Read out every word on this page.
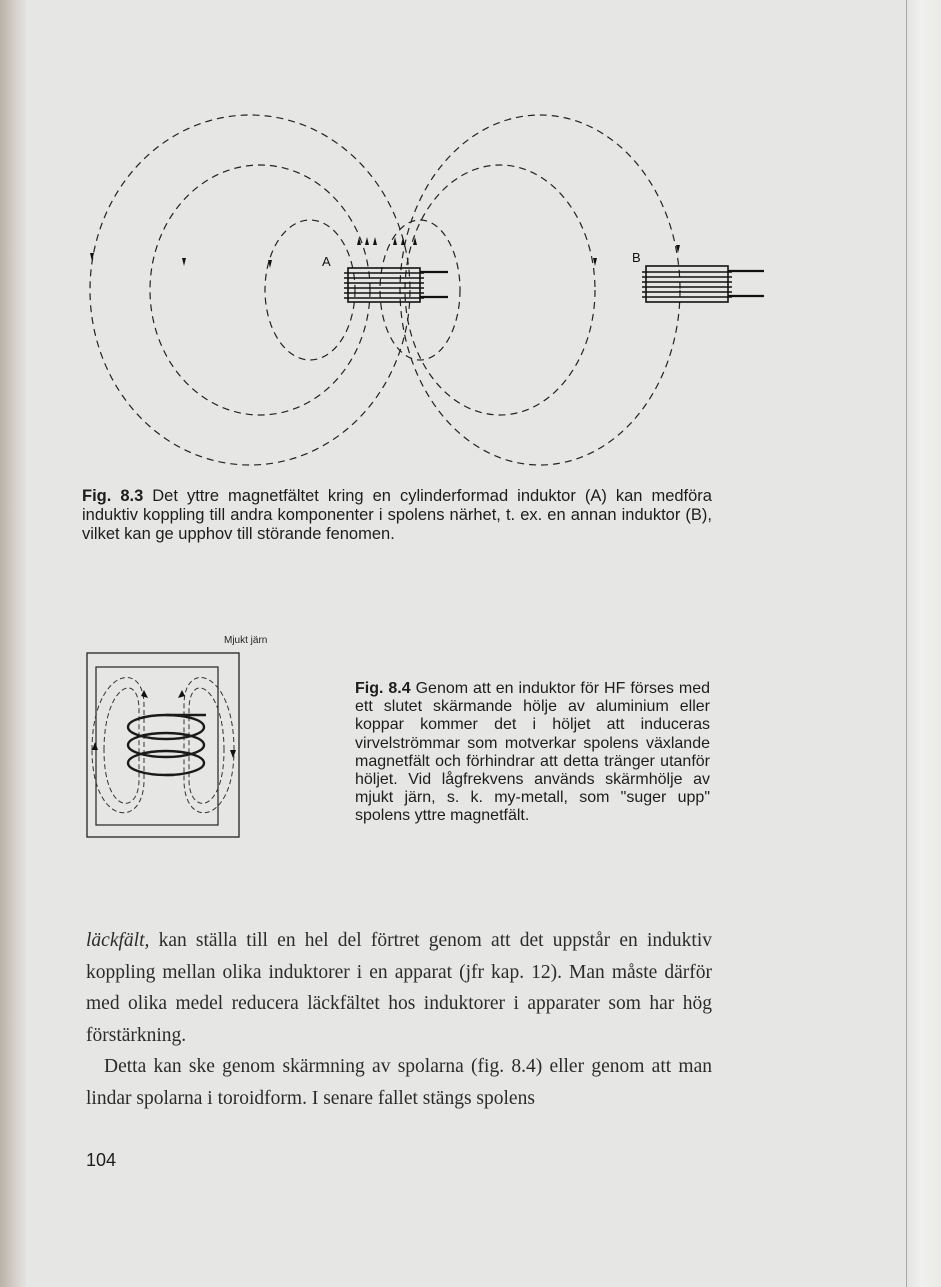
A	B
Fig. 8.3 Det yttre magnetfältet kring en cylinderformad induktor (A) kan medföra induktiv koppling till andra komponenter i spolens närhet, t. ex. en annan induktor (B), vilket kan ge upphov till störande fenomen.
Mjukt järn
Fig. 8.4 Genom att en induktor för HF förses med ett slutet skärmande hölje av aluminium eller koppar kommer det i höljet att induceras virvelströmmar som motverkar spolens växlande magnetfält och förhindrar att detta tränger utanför höljet. Vid lågfrekvens används skärmhölje av mjukt järn, s. k. my-metall, som "suger upp" spolens yttre magnetfält.

läckfält, kan ställa till en hel del förtret genom att det uppstår en induktiv koppling mellan olika induktorer i en apparat (jfr kap. 12). Man måste därför med olika medel reducera läckfältet hos induktorer i apparater som har hög förstärkning.

Detta kan ske genom skärmning av spolarna (fig. 8.4) eller genom att man lindar spolarna i toroidform. I senare fallet stängs spolens

104
